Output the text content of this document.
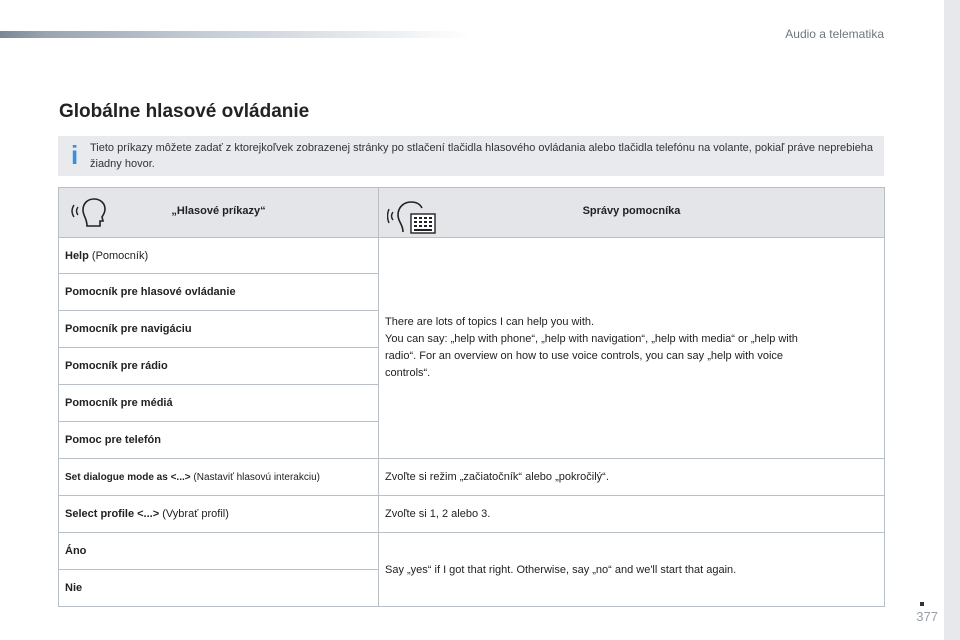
Audio a telematika
Globálne hlasové ovládanie
i Tieto príkazy môžete zadať z ktorejkoľvek zobrazenej stránky po stlačení tlačidla hlasového ovládania alebo tlačidla telefónu na volante, pokiaľ práve neprebieha žiadny hovor.
„Hlasové príkazy“	Správy pomocníka

Help (Pomocník)	There are lots of topics I can help you with.
You can say: „help with phone“, „help with navigation“, „help with media“ or „help with
radio“. For an overview on how to use voice controls, you can say „help with voice
controls“.

Pomocník pre hlasové ovládanie	
Pomocník pre navigáciu	
Pomocník pre rádio	
Pomocník pre médiá	
Pomoc pre telefón	
Set dialogue mode as <...> (Nastaviť hlasovú interakciu)	Zvoľte si režim „začiatočník“ alebo „pokročilý“.
Select profile <...> (Vybrať profil)	Zvoľte si 1, 2 alebo 3.
Áno	Say „yes“ if I got that right. Otherwise, say „no“ and we'll start that again.
Nie	
377
